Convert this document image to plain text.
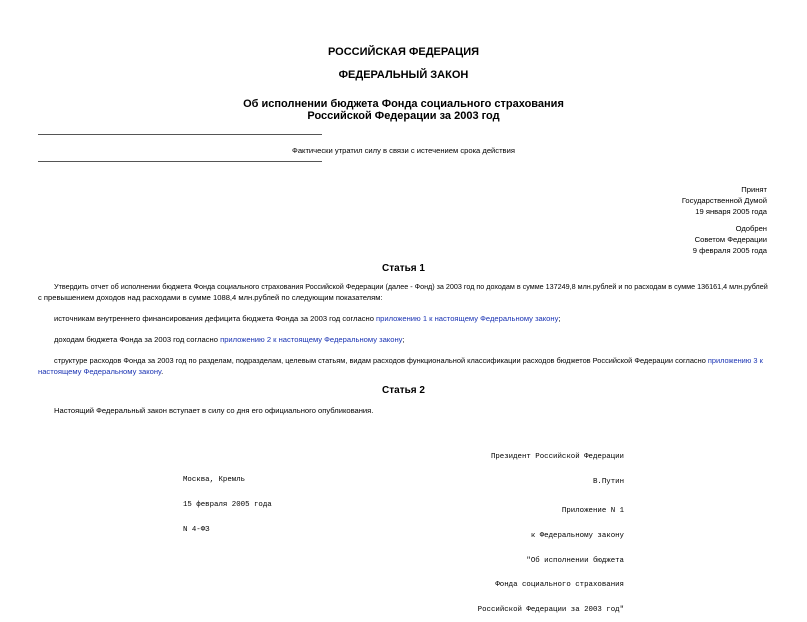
РОССИЙСКАЯ ФЕДЕРАЦИЯ
ФЕДЕРАЛЬНЫЙ ЗАКОН
Об исполнении бюджета Фонда социального страхования
Российской Федерации за 2003 год
Фактически утратил силу в связи с истечением срока действия
Принят
Государственной Думой
19 января 2005 года
Одобрен
Советом Федерации
9 февраля 2005 года
Статья 1

Утвердить отчет об исполнении бюджета Фонда социального страхования Российской Федерации (далее - Фонд) за 2003 год по доходам в сумме 137249,8 млн.рублей и по расходам в сумме 136161,4 млн.рублей

с превышением доходов над расходами в сумме 1088,4 млн.рублей по следующим показателям:

источникам внутреннего финансирования дефицита бюджета Фонда за 2003 год согласно приложению 1 к настоящему Федеральному закону;
доходам бюджета Фонда за 2003 год согласно приложению 2 к настоящему Федеральному закону;

структуре расходов Фонда за 2003 год по разделам, подразделам, целевым статьям, видам расходов функциональной классификации расходов бюджетов Российской Федерации согласно приложению 3 к

настоящему Федеральному закону.

Статья 2
Настоящий Федеральный закон вступает в силу со дня его официального опубликования.

Президент Российской Федерации

В.Путин

Москва, Кремль

15 февраля 2005 года

N 4-ФЗ

Приложение N 1

к Федеральному закону

"Об исполнении бюджета

Фонда социального страхования

Российской Федерации за 2003 год"
